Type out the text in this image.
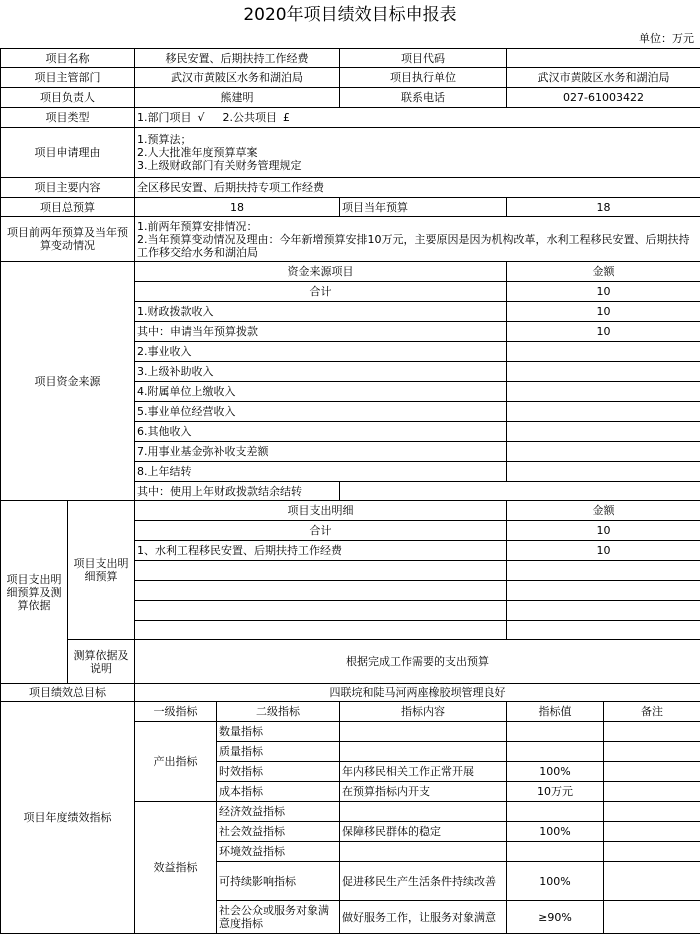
2020年项目绩效目标申报表
单位：万元
项目名称		移民安置、后期扶持工作经费		项目代码		
项目主管部门		武汉市黄陂区水务和湖泊局		项目执行单位	武汉市黄陂区水务和湖泊局	
项目负责人		熊建明		联系电话	027-61003422	
项目类型		1.部门项目 √ 2.公共项目 £				
项目申请理由		1.预算法；
2.人大批准年度预算草案
3.上级财政部门有关财务管理规定				
项目主要内容		全区移民安置、后期扶持专项工作经费				
项目总预算		18		项目当年预算	18	
项目前两年预算及当年预算变动情况		1.前两年预算安排情况：
2.当年预算变动情况及理由：今年新增预算安排10万元，主要原因是因为机构改革，水利工程移民安置、后期扶持工作移交给水务和湖泊局				
项目资金来源		资金来源项目			金额	
		合计			10	
		1.财政拨款收入			10	
		其中：申请当年预算拨款			10	
		2.事业收入				
		3.上级补助收入				
		4.附属单位上缴收入				
		5.事业单位经营收入				
		6.其他收入				
		7.用事业基金弥补收支差额				
		8.上年结转				
		其中：使用上年财政拨款结余结转				
项目支出明细预算及测算依据	项目支出明细预算	项目支出明细			金额	
		合计			10	
		1、水利工程移民安置、后期扶持工作经费			10	

	测算依据及说明	根据完成工作需要的支出预算				
项目绩效总目标		四联垸和陡马河两座橡胶坝管理良好				
项目年度绩效指标		一级指标	二级指标	指标内容	指标值	备注
		产出指标	数量指标			
			质量指标			
			时效指标	年内移民相关工作正常开展	100%	
			成本指标	在预算指标内开支	10万元	
		效益指标	经济效益指标			
			社会效益指标	保障移民群体的稳定	100%	
			环境效益指标			
			可持续影响指标	促进移民生产生活条件持续改善	100%	
			社会公众或服务对象满意度指标	做好服务工作，让服务对象满意	≥90%	
